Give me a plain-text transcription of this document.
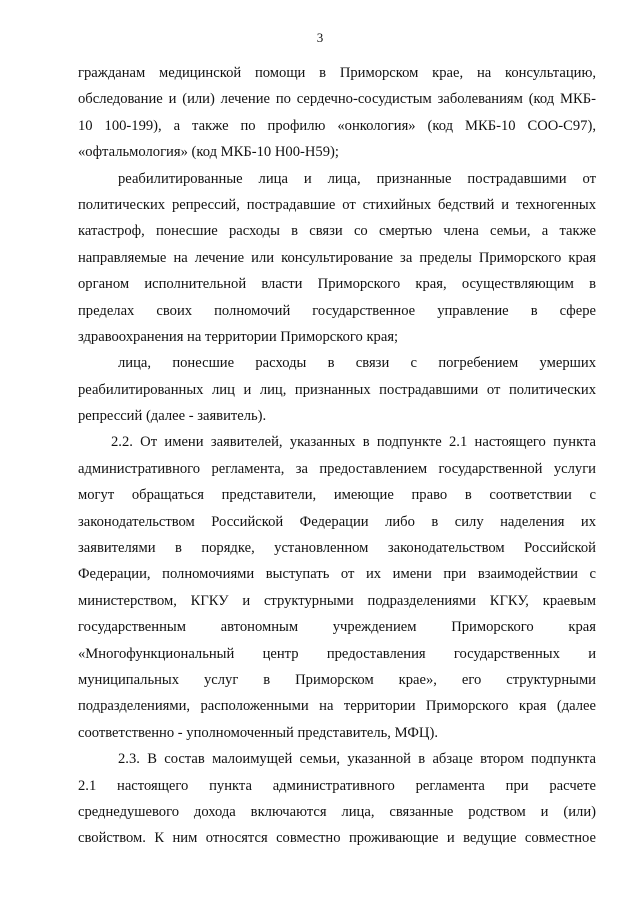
3
гражданам медицинской помощи в Приморском крае, на консультацию,
обследование и (или) лечение по сердечно-сосудистым заболеваниям (код МКБ-
10 100-199), а также по профилю «онкология» (код МКБ-10 СОО-С97),
«офтальмология» (код МКБ-10 Н00-Н59);
реабилитированные лица и лица, признанные пострадавшими от
политических репрессий, пострадавшие от стихийных бедствий и техногенных
катастроф, понесшие расходы в связи со смертью члена семьи, а также
направляемые на лечение или консультирование за пределы Приморского края
органом исполнительной власти Приморского края, осуществляющим в
пределах своих полномочий государственное управление в сфере
здравоохранения на территории Приморского края;
лица, понесшие расходы в связи с погребением умерших
реабилитированных лиц и лиц, признанных пострадавшими от политических
репрессий (далее - заявитель).
2.2. От имени заявителей, указанных в подпункте 2.1 настоящего пункта
административного регламента, за предоставлением государственной услуги
могут обращаться представители, имеющие право в соответствии с
законодательством Российской Федерации либо в силу наделения их
заявителями в порядке, установленном законодательством Российской
Федерации, полномочиями выступать от их имени при взаимодействии с
министерством, КГКУ и структурными подразделениями КГКУ, краевым
государственным автономным учреждением Приморского края
«Многофункциональный центр предоставления государственных и
муниципальных услуг в Приморском крае», его структурными
подразделениями, расположенными на территории Приморского края (далее
соответственно - уполномоченный представитель, МФЦ).
2.3. В состав малоимущей семьи, указанной в абзаце втором подпункта
2.1 настоящего пункта административного регламента при расчете
среднедушевого дохода включаются лица, связанные родством и (или)
свойством. К ним относятся совместно проживающие и ведущие совместное
